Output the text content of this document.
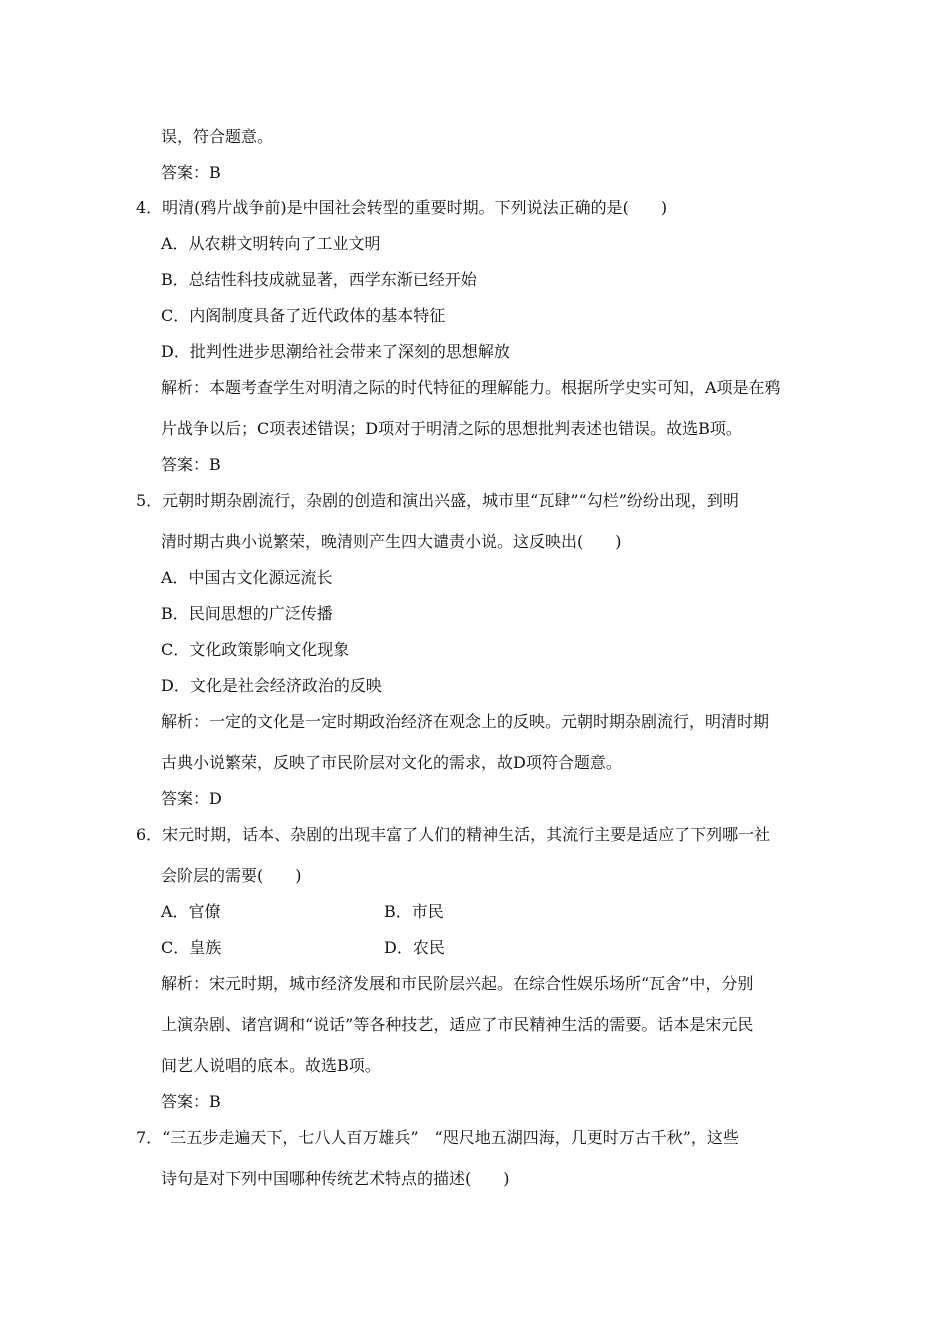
误，符合题意。

答案：B

4．明清(鸦片战争前)是中国社会转型的重要时期。下列说法正确的是(　　)

A．从农耕文明转向了工业文明

B．总结性科技成就显著，西学东渐已经开始

C．内阁制度具备了近代政体的基本特征

D．批判性进步思潮给社会带来了深刻的思想解放

解析：本题考查学生对明清之际的时代特征的理解能力。根据所学史实可知，A项是在鸦

片战争以后；C项表述错误；D项对于明清之际的思想批判表述也错误。故选B项。

答案：B

5．元朝时期杂剧流行，杂剧的创造和演出兴盛，城市里“瓦肆”“勾栏”纷纷出现，到明

清时期古典小说繁荣，晚清则产生四大谴责小说。这反映出(　　)

A．中国古文化源远流长

B．民间思想的广泛传播

C．文化政策影响文化现象

D．文化是社会经济政治的反映

解析：一定的文化是一定时期政治经济在观念上的反映。元朝时期杂剧流行，明清时期

古典小说繁荣，反映了市民阶层对文化的需求，故D项符合题意。

答案：D

6．宋元时期，话本、杂剧的出现丰富了人们的精神生活，其流行主要是适应了下列哪一社

会阶层的需要(　　)

A．官僚	B．市民

C．皇族	D．农民

解析：宋元时期，城市经济发展和市民阶层兴起。在综合性娱乐场所“瓦舍”中，分别

上演杂剧、诸宫调和“说话”等各种技艺，适应了市民精神生活的需要。话本是宋元民

间艺人说唱的底本。故选B项。

答案：B

7．“三五步走遍天下，七八人百万雄兵”　“咫尺地五湖四海，几更时万古千秋”，这些

诗句是对下列中国哪种传统艺术特点的描述(　　)
